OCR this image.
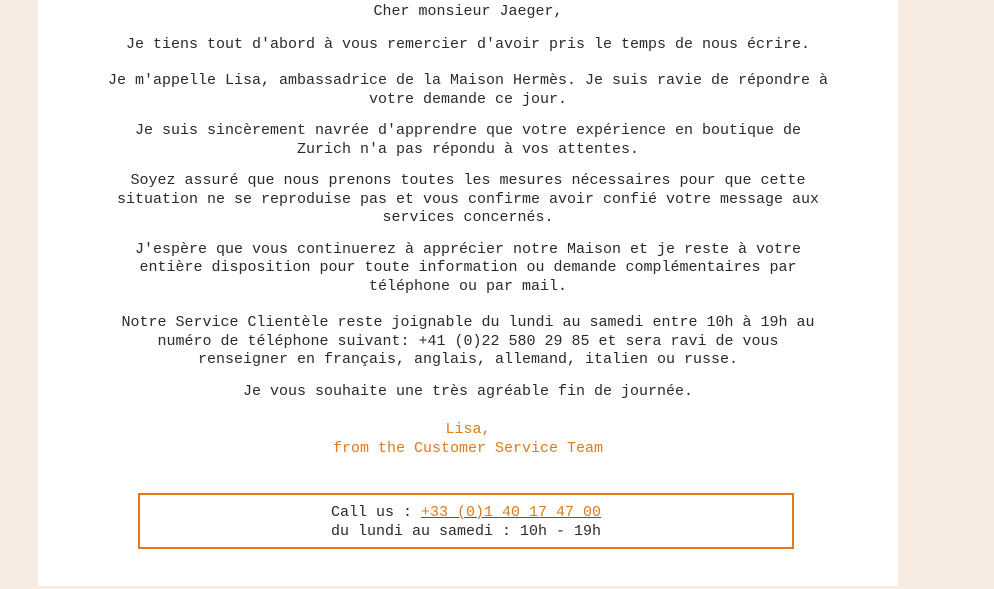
Cher monsieur Jaeger,
Je tiens tout d'abord à vous remercier d'avoir pris le temps de nous écrire.
Je m'appelle Lisa, ambassadrice de la Maison Hermès. Je suis ravie de répondre à
votre demande ce jour.
Je suis sincèrement navrée d'apprendre que votre expérience en boutique de
Zurich n'a pas répondu à vos attentes.
Soyez assuré que nous prenons toutes les mesures nécessaires pour que cette
situation ne se reproduise pas et vous confirme avoir confié votre message aux
services concernés.
J'espère que vous continuerez à apprécier notre Maison et je reste à votre
entière disposition pour toute information ou demande complémentaires par
téléphone ou par mail.
Notre Service Clientèle reste joignable du lundi au samedi entre 10h à 19h au
numéro de téléphone suivant: +41 (0)22 580 29 85 et sera ravi de vous
renseigner en français, anglais, allemand, italien ou russe.
Je vous souhaite une très agréable fin de journée.
Lisa,
from the Customer Service Team
Call us : +33 (0)1 40 17 47 00
du lundi au samedi : 10h - 19h
